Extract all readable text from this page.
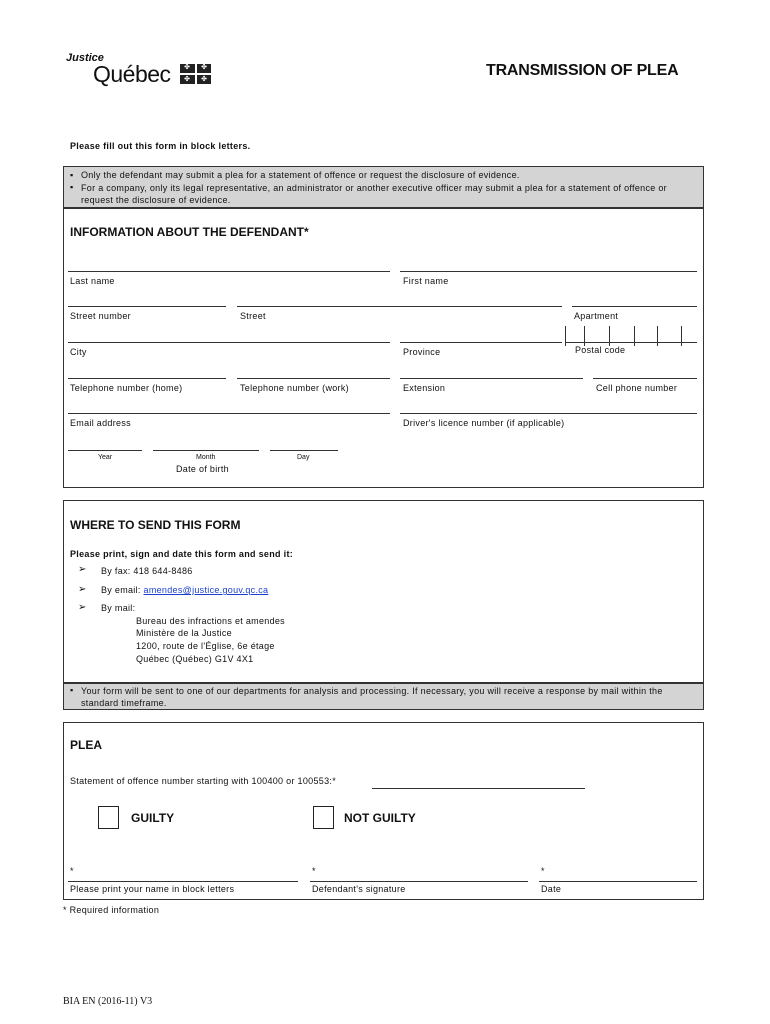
Justice
Québec ✤ ✤
✤ ✤
TRANSMISSION OF PLEA
Please fill out this form in block letters.
▪ Only the defendant may submit a plea for a statement of offence or request the disclosure of evidence.
▪ For a company, only its legal representative, an administrator or another executive officer may submit a plea for a statement of offence or request the disclosure of evidence.
INFORMATION ABOUT THE DEFENDANT*
Last name	First name
Street number	Street	Apartment
City	Province	Postal code
Telephone number (home)	Telephone number (work)	Extension	Cell phone number
Email address	Driver's licence number (if applicable)
Year	Month	Day
Date of birth
WHERE TO SEND THIS FORM
Please print, sign and date this form and send it:
➢ By fax: 418 644-8486
➢ By email: amendes@justice.gouv.qc.ca
➢ By mail:
Bureau des infractions et amendes
Ministère de la Justice
1200, route de l'Église, 6e étage
Québec (Québec) G1V 4X1
▪ Your form will be sent to one of our departments for analysis and processing. If necessary, you will receive a response by mail within the standard timeframe.
PLEA
Statement of offence number starting with 100400 or 100553:*
GUILTY	NOT GUILTY
*	*	*
Please print your name in block letters	Defendant's signature	Date
* Required information
BIA EN (2016-11) V3
